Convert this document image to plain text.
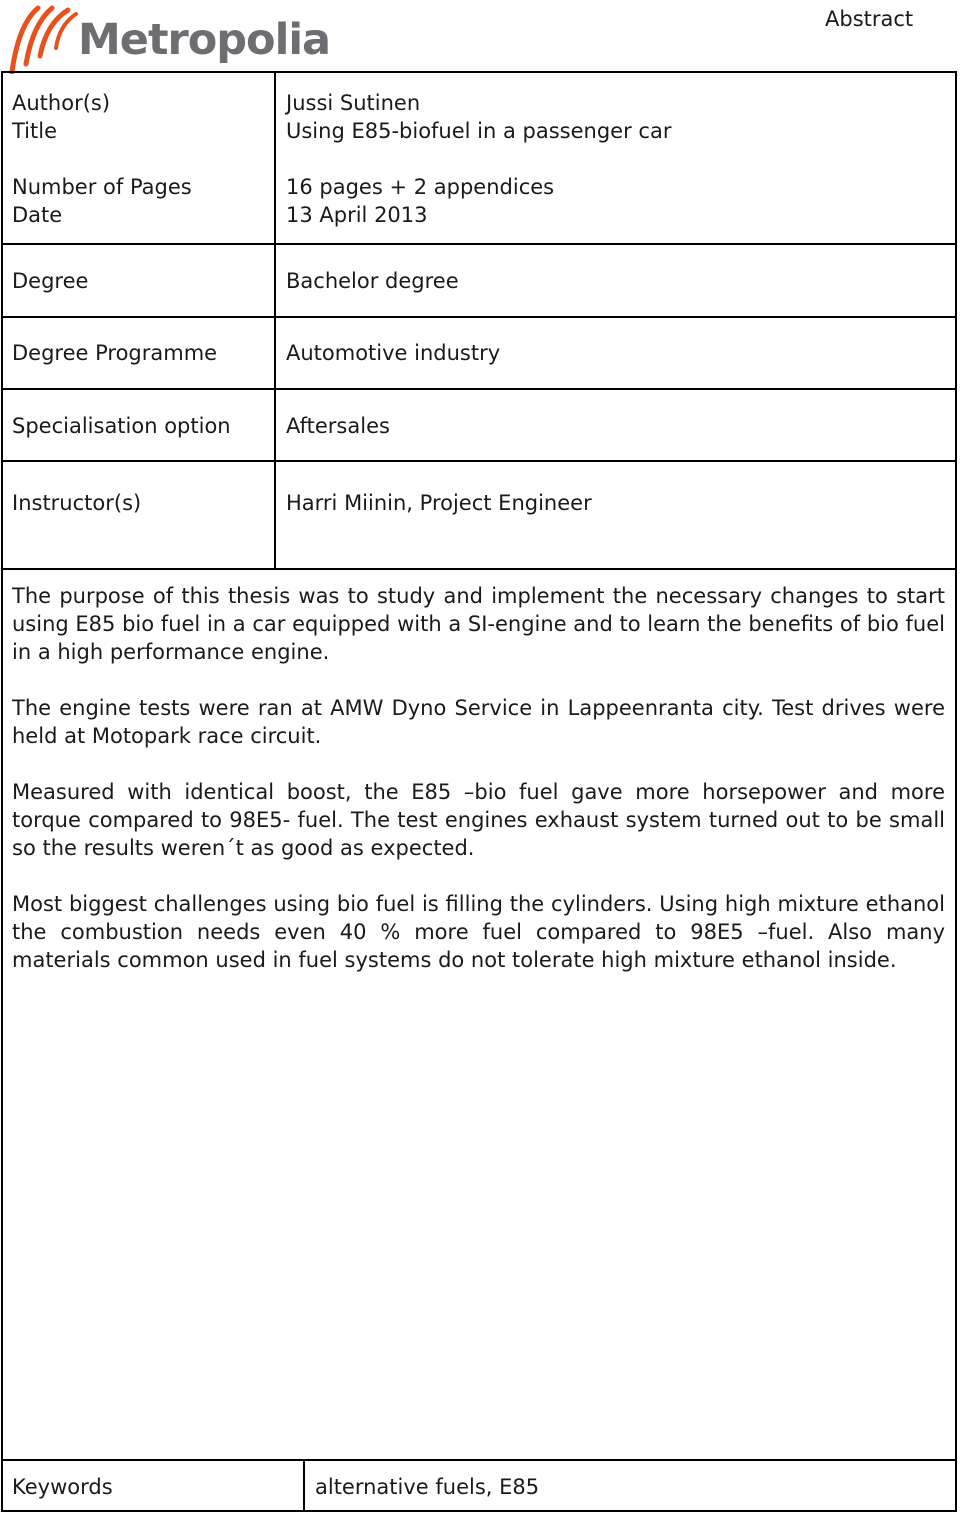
Metropolia	Abstract
Author(s)
Title
Number of Pages
Date
Degree
Degree Programme
Specialisation option
Instructor(s)
Jussi Sutinen
Using E85-biofuel in a passenger car
16 pages + 2 appendices
13 April 2013
Bachelor degree
Automotive industry
Aftersales
Harri Miinin, Project Engineer

The purpose of this thesis was to study and implement the necessary changes to start using E85 bio fuel in a car equipped with a SI-engine and to learn the benefits of bio fuel in a high performance engine.

The engine tests were ran at AMW Dyno Service in Lappeenranta city. Test drives were held at Motopark race circuit.

Measured with identical boost, the E85 –bio fuel gave more horsepower and more torque compared to 98E5- fuel. The test engines exhaust system turned out to be small so the results weren´t as good as expected.

Most biggest challenges using bio fuel is filling the cylinders. Using high mixture ethanol the combustion needs even 40 % more fuel compared to 98E5 –fuel. Also many materials common used in fuel systems do not tolerate high mixture ethanol inside.

Keywords	alternative fuels, E85
